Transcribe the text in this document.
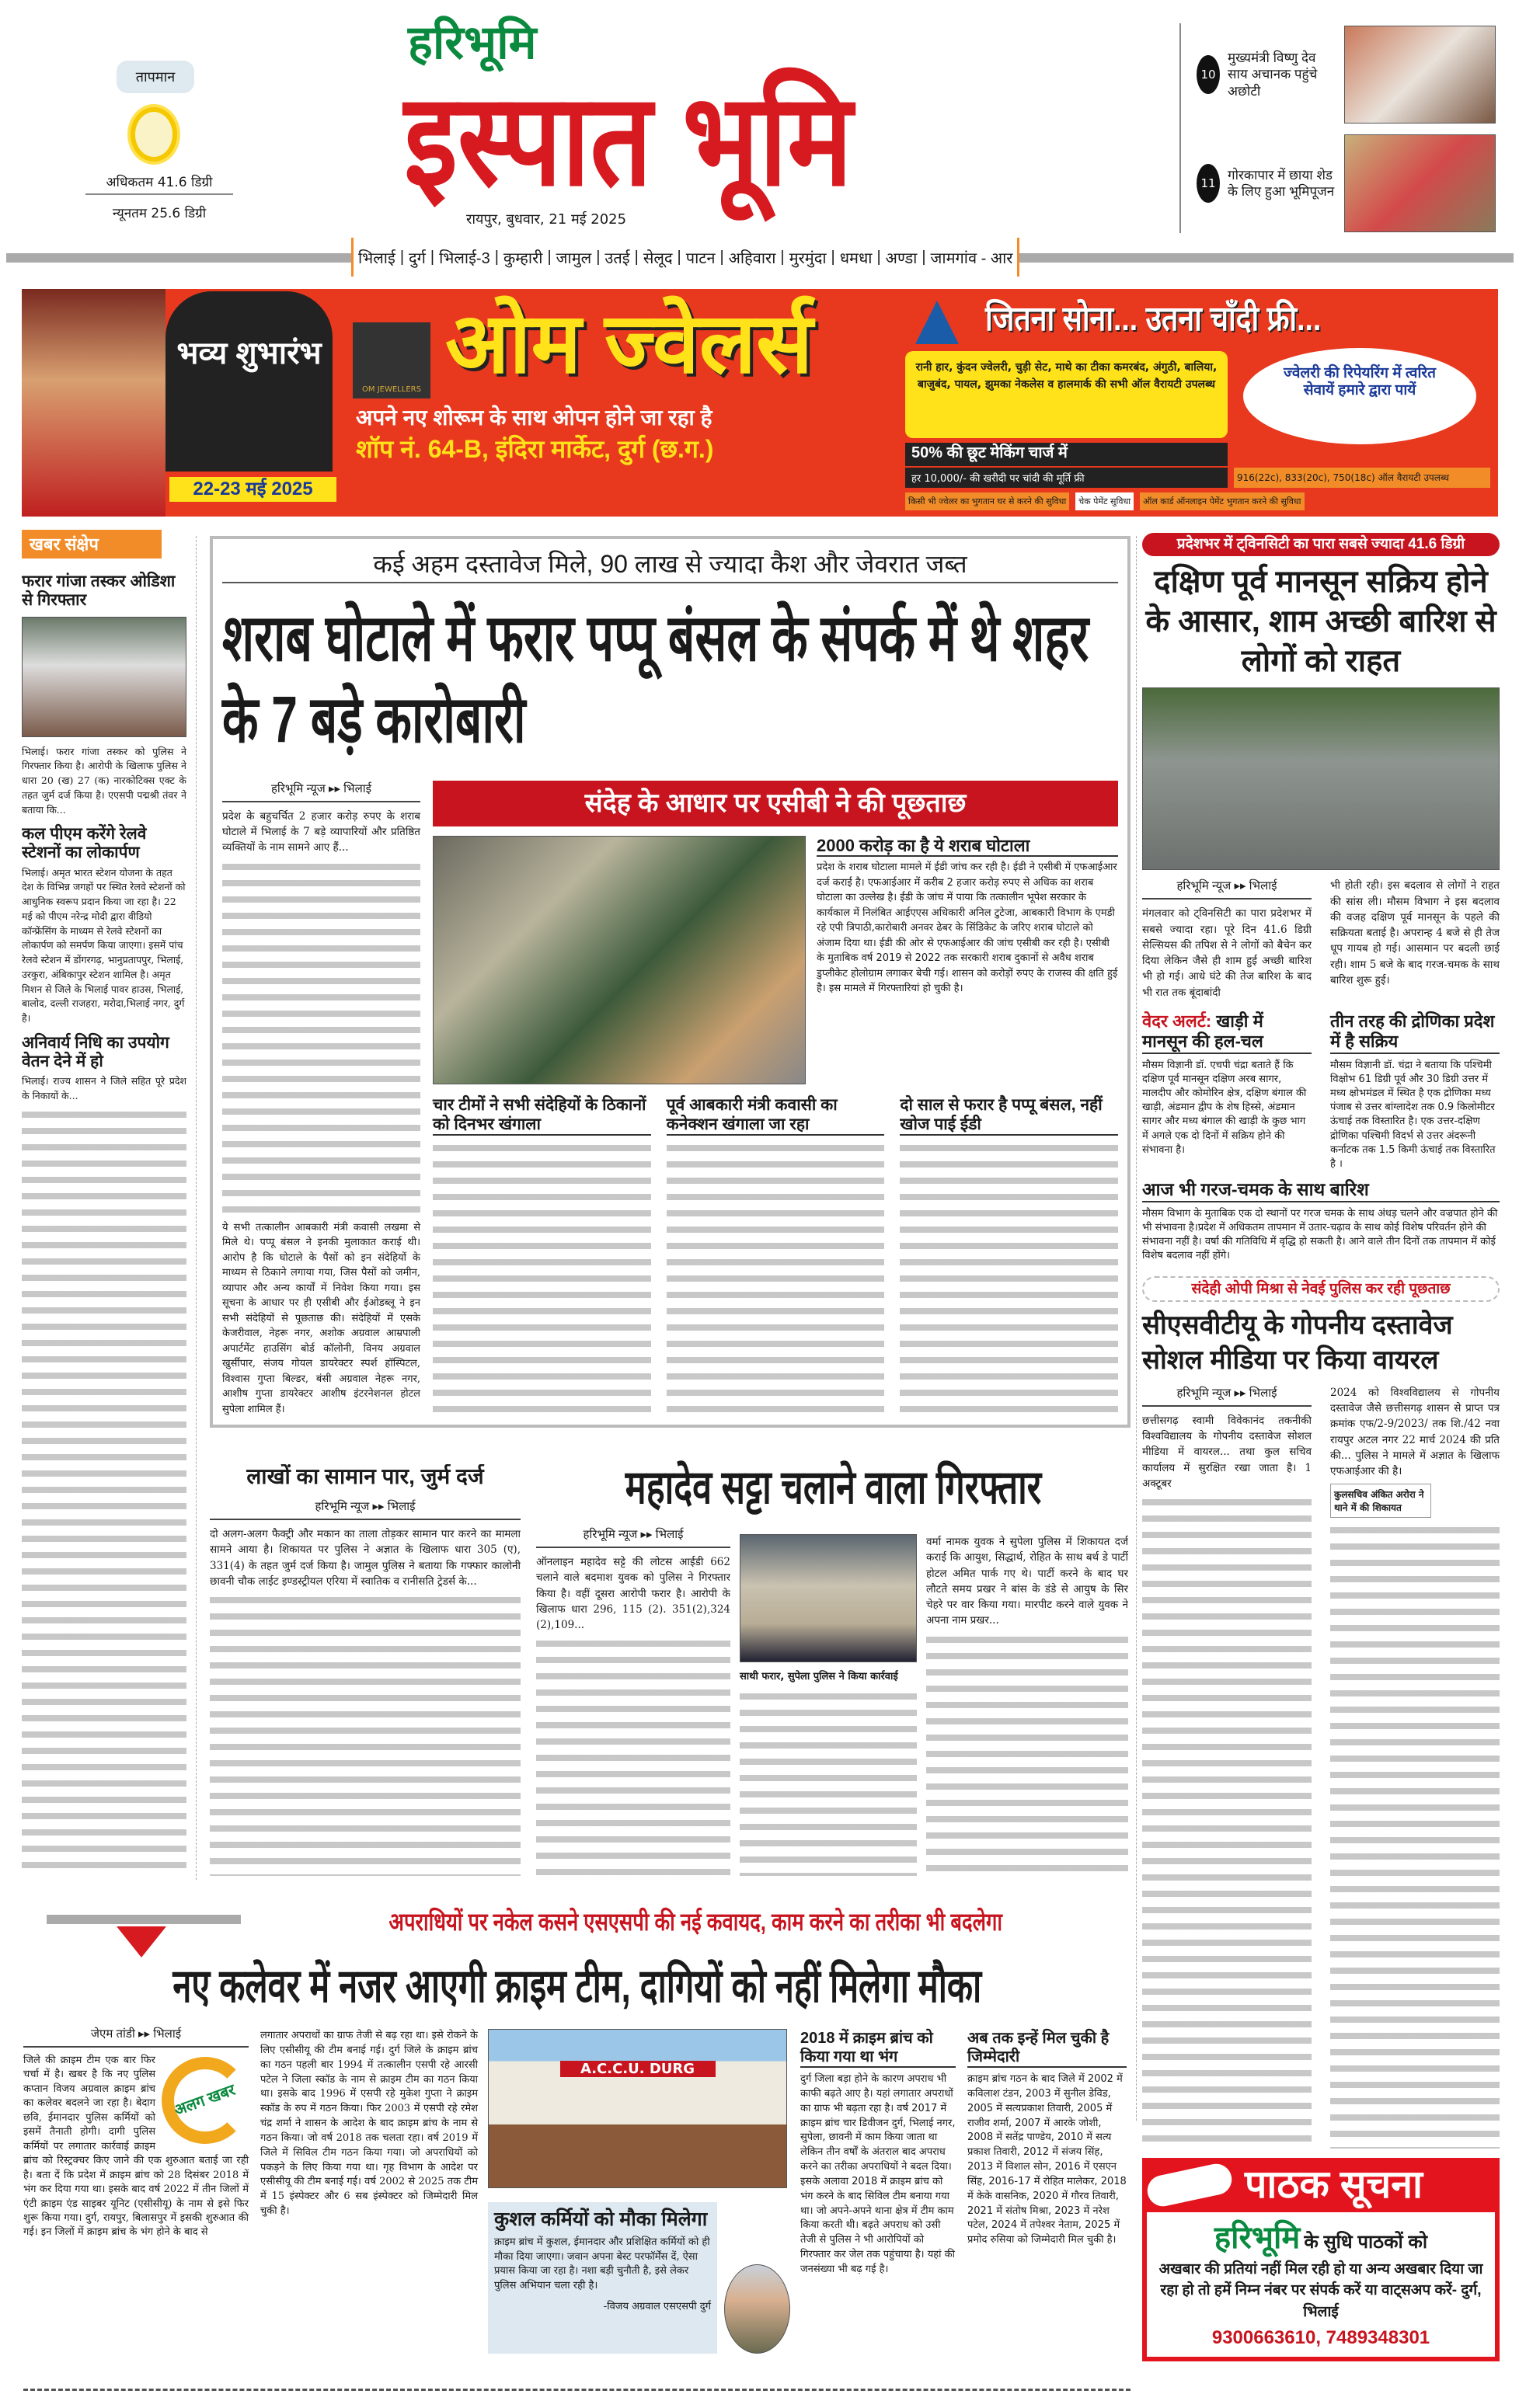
तापमान
अधिकतम 41.6 डिग्री
न्यूनतम 25.6 डिग्री
हरिभूमि
इस्पात भूमि
रायपुर, बुधवार, 21 मई 2025
10
मुख्यमंत्री विष्णु देव साय अचानक पहुंचे अछोटी
11
गोरकापार में छाया शेड के लिए हुआ भूमिपूजन
भिलाई | दुर्ग | भिलाई-3 | कुम्हारी | जामुल | उतई | सेलूद | पाटन | अहिवारा | मुरमुंदा | धमधा | अण्डा | जामगांव - आर
भव्य शुभारंभ
22-23 मई 2025
OM JEWELLERS ओम ज्वेलर्स
अपने नए शोरूम के साथ ओपन होने जा रहा है
शॉप नं. 64-B, इंदिरा मार्केट, दुर्ग (छ.ग.)
जितना सोना... उतना चाँदी फ्री...
रानी हार, कुंदन ज्वेलरी, चुड़ी सेट, माथे का टीका कमरबंद, अंगुठी, बालिया, बाजुबंद, पायल, झुमका नेकलेस व हालमार्क की सभी ऑल वैरायटी उपलब्ध
ज्वेलरी की रिपेयरिंग में त्वरित सेवायें हमारे द्वारा पायें
50% की छूट मेकिंग चार्ज में
हर 10,000/- की खरीदी पर चांदी की मूर्ति फ्री	916(22c), 833(20c), 750(18c) ऑल वैरायटी उपलब्ध
किसी भी ज्वेलर का भुगतान घर से करने की सुविधा	चेक पेमेंट सुविधा	ऑल कार्ड ऑनलाइन पेमेंट भुगतान करने की सुविधा
खबर संक्षेप
फरार गांजा तस्कर ओडिशा से गिरफ्तार
भिलाई। फरार गांजा तस्कर को पुलिस ने गिरफ्तार किया है। आरोपी के खिलाफ पुलिस ने धारा 20 (ख) 27 (क) नारकोटिक्स एक्ट के तहत जुर्म दर्ज किया है। एएसपी पद्मश्री तंवर ने बताया कि...
कल पीएम करेंगे रेलवे स्टेशनों का लोकार्पण
भिलाई। अमृत भारत स्टेशन योजना के तहत देश के विभिन्न जगहों पर स्थित रेलवे स्टेशनों को आधुनिक स्वरूप प्रदान किया जा रहा है। 22 मई को पीएम नरेन्द्र मोदी द्वारा वीडियो कॉन्फ्रेंसिंग के माध्यम से रेलवे स्टेशनों का लोकार्पण को समर्पण किया जाएगा। इसमें पांच रेलवे स्टेशन में डोंगरगढ़, भानुप्रतापपुर, भिलाई, उरकुरा, अंबिकापुर स्टेशन शामिल है। अमृत मिशन से जिले के भिलाई पावर हाउस, भिलाई, बालोद, दल्ली राजहरा, मरोदा,भिलाई नगर, दुर्ग है।
अनिवार्य निधि का उपयोग वेतन देने में हो
भिलाई। राज्य शासन ने जिले सहित पूरे प्रदेश के निकायों के...
कई अहम दस्तावेज मिले, 90 लाख से ज्यादा कैश और जेवरात जब्त
शराब घोटाले में फरार पप्पू बंसल के संपर्क में थे शहर के 7 बड़े कारोबारी
हरिभूमि न्यूज ▸▸ भिलाई
प्रदेश के बहुचर्चित 2 हजार करोड़ रुपए के शराब घोटाले में भिलाई के 7 बड़े व्यापारियों और प्रतिष्ठित व्यक्तियों के नाम सामने आए हैं...
ये सभी तत्कालीन आबकारी मंत्री कवासी लखमा से मिले थे। पप्पू बंसल ने इनकी मुलाकात कराई थी। आरोप है कि घोटाले के पैसों को इन संदेहियों के माध्यम से ठिकाने लगाया गया, जिस पैसों को जमीन, व्यापार और अन्य कार्यों में निवेश किया गया। इस सूचना के आधार पर ही एसीबी और ईओडब्लू ने इन सभी संदेहियों से पूछताछ की। संदेहियों में एसके केजरीवाल, नेहरू नगर, अशोक अग्रवाल आम्रपाली अपार्टमेंट हाउसिंग बोर्ड कॉलोनी, विनय अग्रवाल खुर्सीपार, संजय गोयल डायरेक्टर स्पर्श हॉस्पिटल, विश्वास गुप्ता बिल्डर, बंसी अग्रवाल नेहरू नगर, आशीष गुप्ता डायरेक्टर आशीष इंटरनेशनल होटल सुपेला शामिल हैं।
संदेह के आधार पर एसीबी ने की पूछताछ
2000 करोड़ का है ये शराब घोटाला
प्रदेश के शराब घोटाला मामले में ईडी जांच कर रही है। ईडी ने एसीबी में एफआईआर दर्ज कराई है। एफआईआर में करीब 2 हजार करोड़ रुपए से अधिक का शराब घोटाला का उल्लेख है। ईडी के जांच में पाया कि तत्कालीन भूपेश सरकार के कार्यकाल में निलंबित आईएएस अधिकारी अनिल टुटेजा, आबकारी विभाग के एमडी रहे एपी त्रिपाठी,कारोबारी अनवर ढेबर के सिंडिकेट के जरिए शराब घोटाले को अंजाम दिया था। ईडी की ओर से एफआईआर की जांच एसीबी कर रही है। एसीबी के मुताबिक वर्ष 2019 से 2022 तक सरकारी शराब दुकानों से अवैध शराब डुप्लीकेट होलोग्राम लगाकर बेची गई। शासन को करोड़ों रुपए के राजस्व की क्षति हुई है। इस मामले में गिरफ्तारियां हो चुकी है।
चार टीमों ने सभी संदेहियों के ठिकानों को दिनभर खंगाला
पूर्व आबकारी मंत्री कवासी का कनेक्शन खंगाला जा रहा
दो साल से फरार है पप्पू बंसल, नहीं खोज पाई ईडी
प्रदेशभर में ट्विनसिटी का पारा सबसे ज्यादा 41.6 डिग्री
दक्षिण पूर्व मानसून सक्रिय होने के आसार, शाम अच्छी बारिश से लोगों को राहत
हरिभूमि न्यूज ▸▸ भिलाई
मंगलवार को ट्विनसिटी का पारा प्रदेशभर में सबसे ज्यादा रहा। पूरे दिन 41.6 डिग्री सेल्सियस की तपिश से ने लोगों को बैचेन कर दिया लेकिन जैसे ही शाम हुई अच्छी बारिश भी हो गई। आधे घंटे की तेज बारिश के बाद भी रात तक बूंदाबांदी
भी होती रही। इस बदलाव से लोगों ने राहत की सांस ली। मौसम विभाग ने इस बदलाव की वजह दक्षिण पूर्व मानसून के पहले की सक्रियता बताई है। अपरान्ह 4 बजे से ही तेज धूप गायब हो गई। आसमान पर बदली छाई रही। शाम 5 बजे के बाद गरज-चमक के साथ बारिश शुरू हुई।
वेदर अलर्ट: खाड़ी में मानसून की हल-चल
मौसम विज्ञानी डॉ. एचपी चंद्रा बताते हैं कि दक्षिण पूर्व मानसून दक्षिण अरब सागर, मालदीप और कोमोरिन क्षेत्र, दक्षिण बंगाल की खाड़ी, अंडमान द्वीप के शेष हिस्से, अंडमान सागर और मध्य बंगाल की खाड़ी के कुछ भाग में अगले एक दो दिनों में सक्रिय होने की संभावना है।
तीन तरह की द्रोणिका प्रदेश में है सक्रिय
मौसम विज्ञानी डॉ. चंद्रा ने बताया कि पश्चिमी विक्षोभ 61 डिग्री पूर्व और 30 डिग्री उत्तर में मध्य क्षोभमंडल में स्थित है एक द्रोणिका मध्य पंजाब से उत्तर बांग्लादेश तक 0.9 किलोमीटर ऊंचाई तक विस्तारित है। एक उत्तर-दक्षिण द्रोणिका पश्चिमी विदर्भ से उत्तर अंदरूनी कर्नाटक तक 1.5 किमी ऊंचाई तक विस्तारित है ।
आज भी गरज-चमक के साथ बारिश
मौसम विभाग के मुताबिक एक दो स्थानों पर गरज चमक के साथ अंधड़ चलने और वज्रपात होने की भी संभावना है।प्रदेश में अधिकतम तापमान में उतार-चढ़ाव के साथ कोई विशेष परिवर्तन होने की संभावना नहीं है। वर्षा की गतिविधि में वृद्धि हो सकती है। आने वाले तीन दिनों तक तापमान में कोई विशेष बदलाव नहीं होंगे।
संदेही ओपी मिश्रा से नेवई पुलिस कर रही पूछताछ
सीएसवीटीयू के गोपनीय दस्तावेज सोशल मीडिया पर किया वायरल
हरिभूमि न्यूज ▸▸ भिलाई
छत्तीसगढ़ स्वामी विवेकानंद तकनीकी विश्वविद्यालय के गोपनीय दस्तावेज सोशल मीडिया में वायरल... तथा कुल सचिव कार्यालय में सुरक्षित रखा जाता है। 1 अक्टूबर
2024 को विश्वविद्यालय से गोपनीय दस्तावेज जैसे छत्तीसगढ़ शासन से प्राप्त पत्र क्रमांक एफ/2-9/2023/ तक शि./42 नवा रायपुर अटल नगर 22 मार्च 2024 की प्रति की... पुलिस ने मामले में अज्ञात के खिलाफ एफआईआर की है।
कुलसचिव अंकित अरोरा ने थाने में की शिकायत
पाठक सूचना
हरिभूमि के सुधि पाठकों को
अखबार की प्रतियां नहीं मिल रही हो या अन्य अखबार दिया जा रहा हो तो हमें निम्न नंबर पर संपर्क करें या वाट्सअप करें- दुर्ग, भिलाई
9300663610, 7489348301
लाखों का सामान पार, जुर्म दर्ज
हरिभूमि न्यूज ▸▸ भिलाई
दो अलग-अलग फैक्ट्री और मकान का ताला तोड़कर सामान पार करने का मामला सामने आया है। शिकायत पर पुलिस ने अज्ञात के खिलाफ धारा 305 (ए), 331(4) के तहत जुर्म दर्ज किया है। जामुल पुलिस ने बताया कि गफ्फार कालोनी छावनी चौक लाईट इण्डस्ट्रीयल एरिया में स्वातिक व रानीसति ट्रेडर्स के...
महादेव सट्टा चलाने वाला गिरफ्तार
हरिभूमि न्यूज ▸▸ भिलाई
ऑनलाइन महादेव सट्टे की लोटस आईडी 662 चलाने वाले बदमाश युवक को पुलिस ने गिरफ्तार किया है। वहीं दूसरा आरोपी फरार है। आरोपी के खिलाफ धारा 296, 115 (2). 351(2),324 (2),109...
साथी फरार, सुपेला पुलिस ने किया कार्रवाई
वर्मा नामक युवक ने सुपेला पुलिस में शिकायत दर्ज कराई कि आयुश, सिद्धार्थ, रोहित के साथ बर्थ डे पार्टी होटल अमित पार्क गए थे। पार्टी करने के बाद घर लौटते समय प्रखर ने बांस के डंडे से आयुष के सिर चेहरे पर वार किया गया। मारपीट करने वाले युवक ने अपना नाम प्रखर...
अपराधियों पर नकेल कसने एसएसपी की नई कवायद, काम करने का तरीका भी बदलेगा
नए कलेवर में नजर आएगी क्राइम टीम, दागियों को नहीं मिलेगा मौका
जेएम तांडी ▸▸ भिलाई
अलग खबर
जिले की क्राइम टीम एक बार फिर चर्चा में है। खबर है कि नए पुलिस कप्तान विजय अग्रवाल क्राइम ब्रांच का कलेवर बदलने जा रहा है। बेदाग छवि, ईमानदार पुलिस कर्मियों को इसमें तैनाती होगी। दागी पुलिस कर्मियों पर लगातार कार्रवाई क्राइम ब्रांच को रिस्ट्रक्चर किए जाने की एक शुरुआत बताई जा रही है। बता दें कि प्रदेश में क्राइम ब्रांच को 28 दिसंबर 2018 में भंग कर दिया गया था। इसके बाद वर्ष 2022 में तीन जिलों में एंटी क्राइम एंड साइबर यूनिट (एसीसीयू) के नाम से इसे फिर शुरू किया गया। दुर्ग, रायपुर, बिलासपुर में इसकी शुरुआत की गई। इन जिलों में क्राइम ब्रांच के भंग होने के बाद से
लगातार अपराधों का ग्राफ तेजी से बढ़ रहा था। इसे रोकने के लिए एसीसीयू की टीम बनाई गई। दुर्ग जिले के क्राइम ब्रांच का गठन पहली बार 1994 में तत्कालीन एसपी रहे आरसी पटेल ने जिला स्कॉड के नाम से क्राइम टीम का गठन किया था। इसके बाद 1996 में एसपी रहे मुकेश गुप्ता ने क्राइम स्कॉड के रुप में गठन किया। फिर 2003 में एसपी रहे रमेश चंद्र शर्मा ने शासन के आदेश के बाद क्राइम ब्रांच के नाम से गठन किया। जो वर्ष 2018 तक चलता रहा। वर्ष 2019 में जिले में सिविल टीम गठन किया गया। जो अपराधियों को पकड़ने के लिए किया गया था। गृह विभाग के आदेश पर एसीसीयू की टीम बनाई गई। वर्ष 2002 से 2025 तक टीम में 15 इंस्पेक्टर और 6 सब इंस्पेक्टर को जिम्मेदारी मिल चुकी है।
A.C.C.U. DURG
कुशल कर्मियों को मौका मिलेगा
क्राइम ब्रांच में कुशल, ईमानदार और प्रशिक्षित कर्मियों को ही मौका दिया जाएगा। जवान अपना बेस्ट परफॉर्मेंस दें, ऐसा प्रयास किया जा रहा है। नशा बड़ी चुनौती है, इसे लेकर पुलिस अभियान चला रही है।
-विजय अग्रवाल एसएसपी दुर्ग
2018 में क्राइम ब्रांच को किया गया था भंग
दुर्ग जिला बड़ा होने के कारण अपराध भी काफी बढ़ते आए है। यहां लगातार अपराधों का ग्राफ भी बढ़ता रहा है। वर्ष 2017 में क्राइम ब्रांच चार डिवीजन दुर्ग, भिलाई नगर, सुपेला, छावनी में काम किया जाता था लेकिन तीन वर्षों के अंतराल बाद अपराध करने का तरीका अपराधियों ने बदल दिया। इसके अलावा 2018 में क्राइम ब्रांच को भंग करने के बाद सिविल टीम बनाया गया था। जो अपने-अपने थाना क्षेत्र में टीम काम किया करती थी। बढ़ते अपराध को उसी तेजी से पुलिस ने भी आरोपियों को गिरफ्तार कर जेल तक पहुंचाया है। यहां की जनसंख्या भी बढ़ गई है।
अब तक इन्हें मिल चुकी है जिम्मेदारी
क्राइम ब्रांच गठन के बाद जिले में 2002 में कविलाश टंडन, 2003 में सुनील डेविड, 2005 में सत्यप्रकाश तिवारी, 2005 में राजीव शर्मा, 2007 में आरके जोशी, 2008 में सतेंद्र पाण्डेय, 2010 में सत्य प्रकाश तिवारी, 2012 में संजय सिंह, 2013 में विशाल सोन, 2016 में एसएन सिंह, 2016-17 में रोहित मालेकर, 2018 में केके वासनिक, 2020 में गौरव तिवारी, 2021 में संतोष मिश्रा, 2023 में नरेश पटेल, 2024 में तपेश्वर नेताम, 2025 में प्रमोद रुसिया को जिम्मेदारी मिल चुकी है।
